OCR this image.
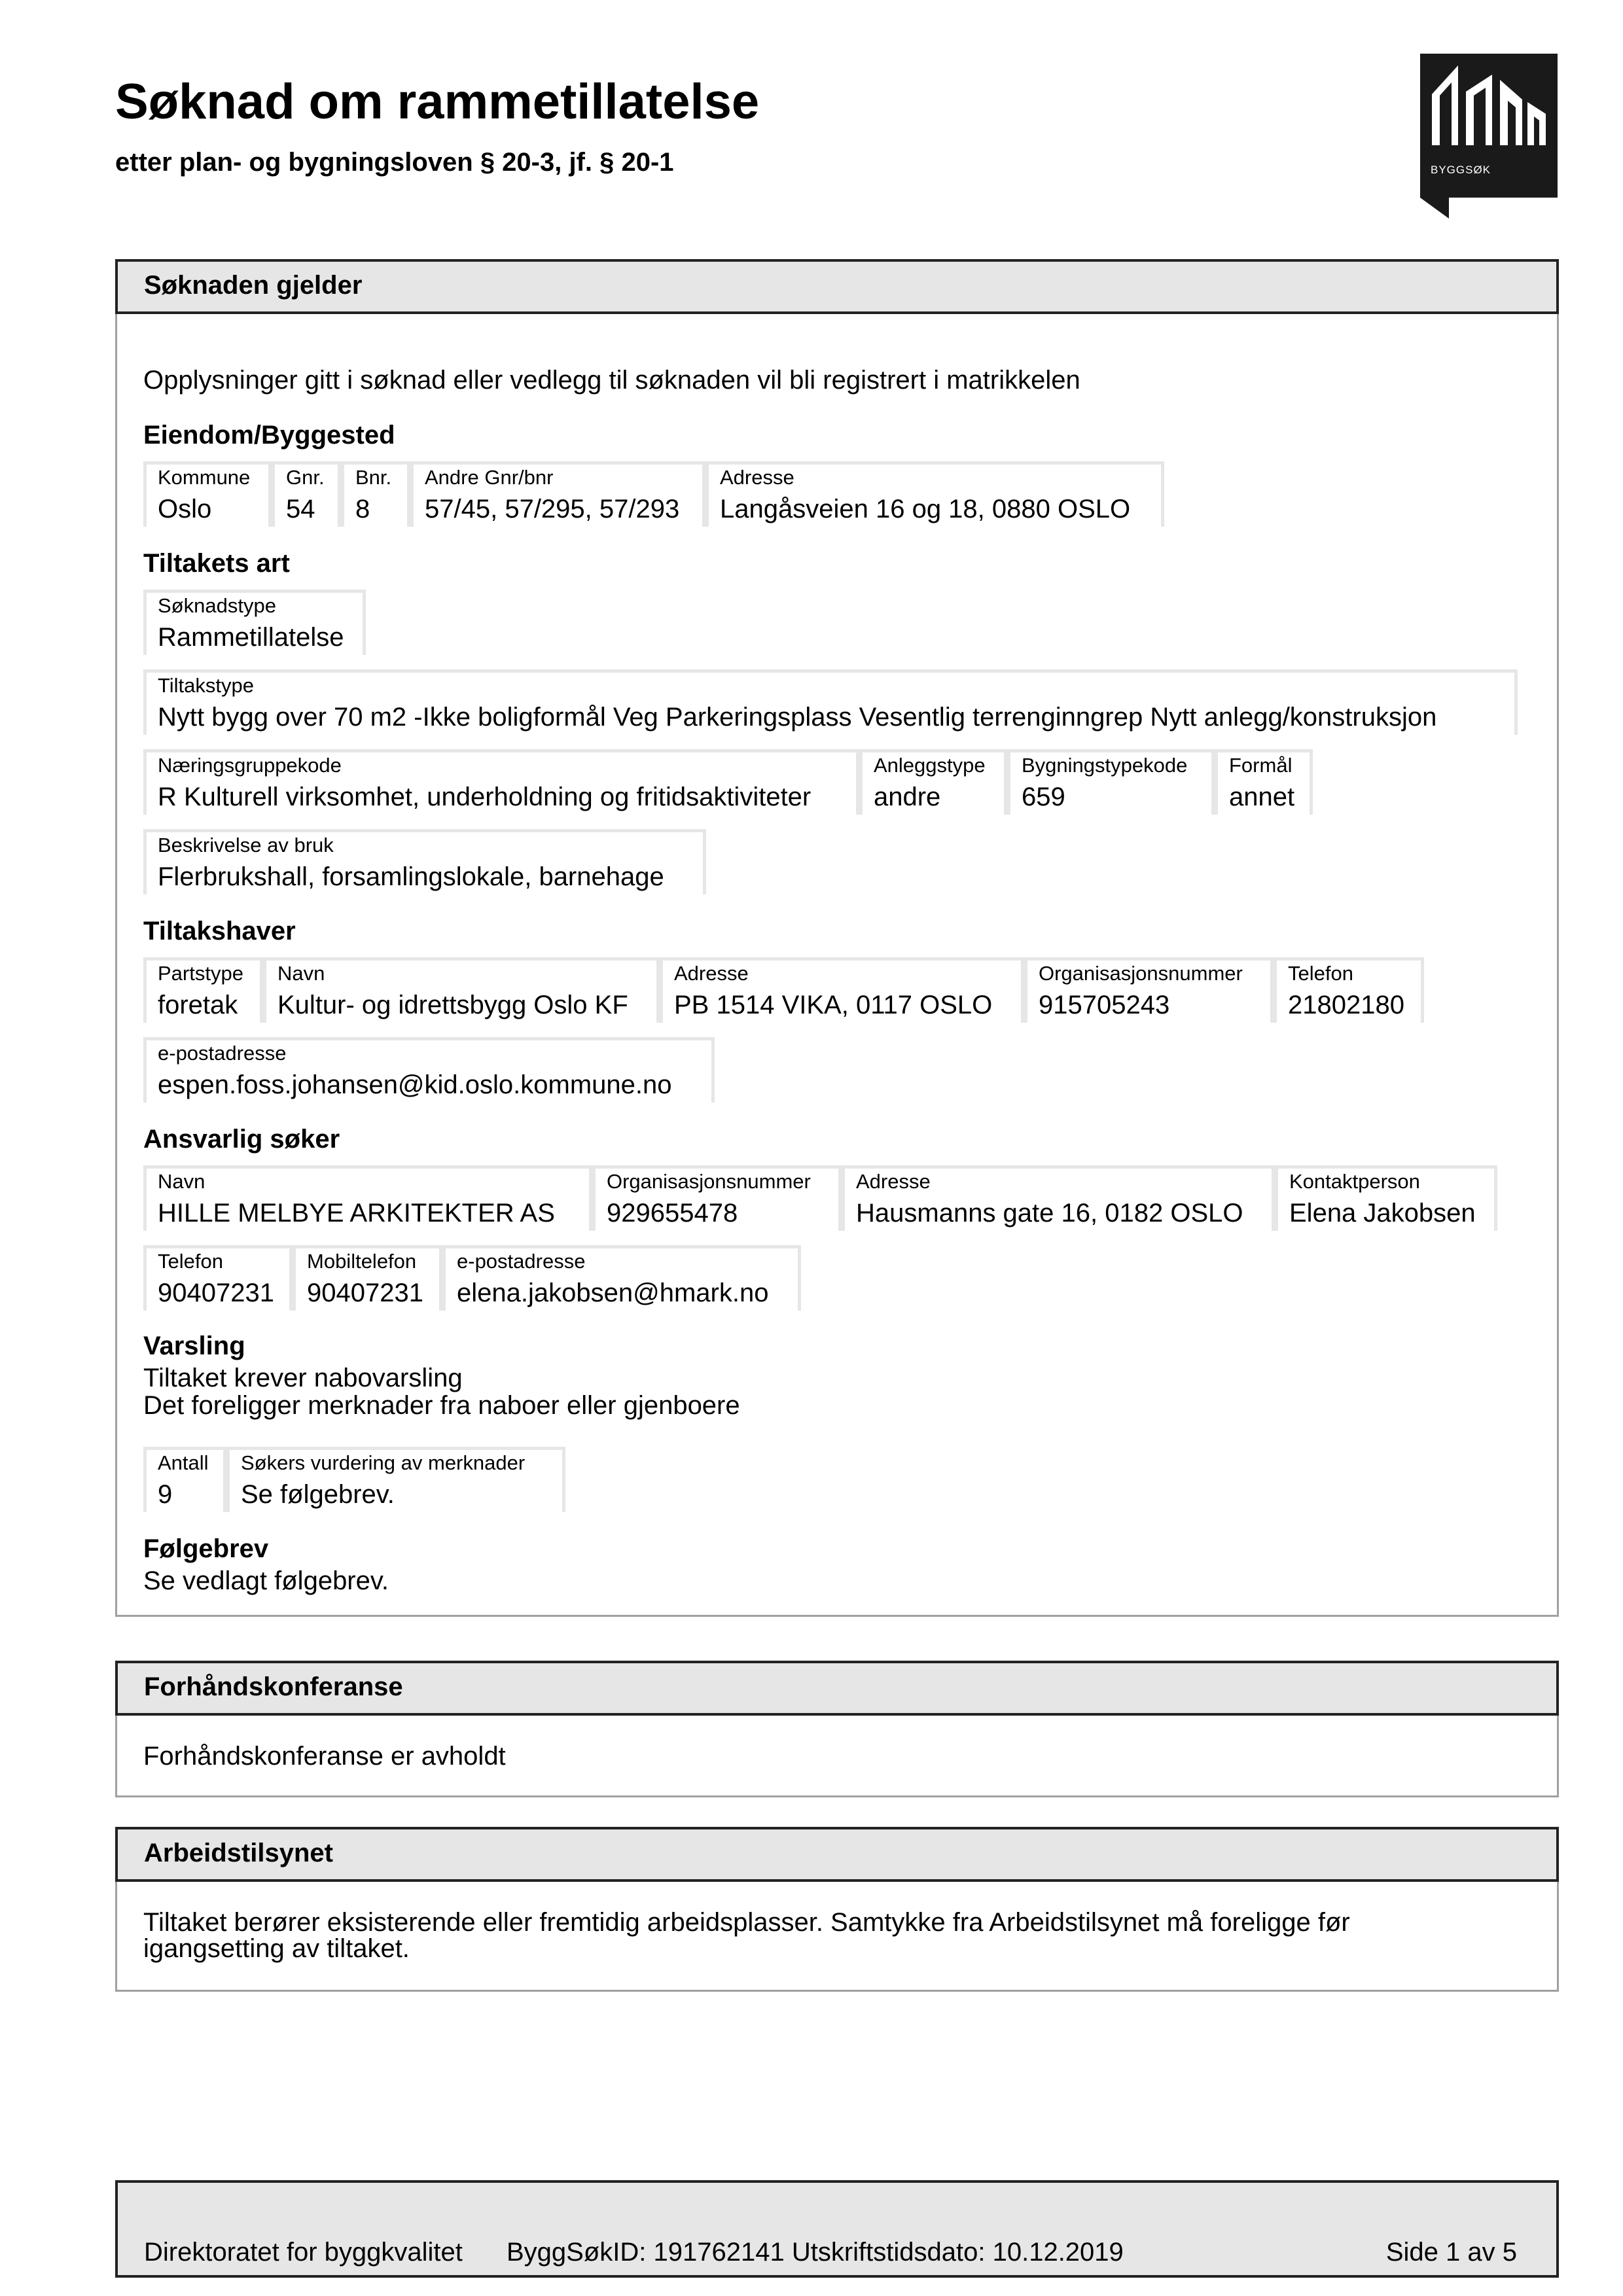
Søknad om rammetillatelse
etter plan- og bygningsloven § 20-3, jf. § 20-1	BYGGSØK
Søknaden gjelder
Opplysninger gitt i søknad eller vedlegg til søknaden vil bli registrert i matrikkelen
Eiendom/Byggested
Kommune
Oslo
Gnr.
54
Bnr.
8
Andre Gnr/bnr
57/45, 57/295, 57/293
Adresse
Langåsveien 16 og 18, 0880 OSLO
Tiltakets art
Søknadstype
Rammetillatelse
Tiltakstype
Nytt bygg over 70 m2 -Ikke boligformål Veg Parkeringsplass Vesentlig terrenginngrep Nytt anlegg/konstruksjon
Næringsgruppekode
R Kulturell virksomhet, underholdning og fritidsaktiviteter
Anleggstype
andre
Bygningstypekode
659
Formål
annet
Beskrivelse av bruk
Flerbrukshall, forsamlingslokale, barnehage
Tiltakshaver
Partstype
foretak
Navn
Kultur- og idrettsbygg Oslo KF
Adresse
PB 1514 VIKA, 0117 OSLO
Organisasjonsnummer
915705243
Telefon
21802180
e-postadresse
espen.foss.johansen@kid.oslo.kommune.no
Ansvarlig søker
Navn
HILLE MELBYE ARKITEKTER AS
Organisasjonsnummer
929655478
Adresse
Hausmanns gate 16, 0182 OSLO
Kontaktperson
Elena Jakobsen
Telefon
90407231
Mobiltelefon
90407231
e-postadresse
elena.jakobsen@hmark.no
Varsling
Tiltaket krever nabovarsling
Det foreligger merknader fra naboer eller gjenboere
Antall
9
Søkers vurdering av merknader
Se følgebrev.
Følgebrev
Se vedlagt følgebrev.
Forhåndskonferanse
Forhåndskonferanse er avholdt
Arbeidstilsynet
Tiltaket berører eksisterende eller fremtidig arbeidsplasser. Samtykke fra Arbeidstilsynet må foreligge før
igangsetting av tiltaket.
Direktoratet for byggkvalitet ByggSøkID: 191762141 Utskriftstidsdato: 10.12.2019	Side 1 av 5
